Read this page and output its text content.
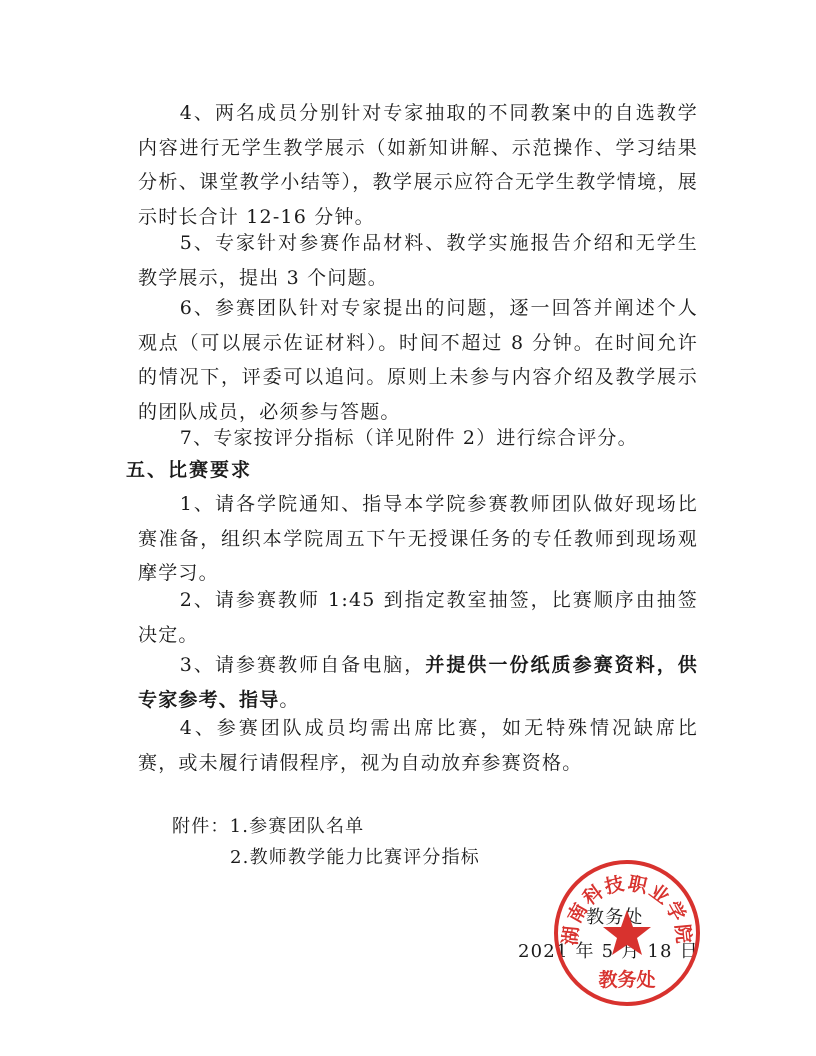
4、两名成员分别针对专家抽取的不同教案中的自选教学内容进行无学生教学展示（如新知讲解、示范操作、学习结果分析、课堂教学小结等），教学展示应符合无学生教学情境，展示时长合计 12-16 分钟。

5、专家针对参赛作品材料、教学实施报告介绍和无学生教学展示，提出 3 个问题。

6、参赛团队针对专家提出的问题，逐一回答并阐述个人观点（可以展示佐证材料）。时间不超过 8 分钟。在时间允许的情况下，评委可以追问。原则上未参与内容介绍及教学展示的团队成员，必须参与答题。

7、专家按评分指标（详见附件 2）进行综合评分。

五、比赛要求

1、请各学院通知、指导本学院参赛教师团队做好现场比赛准备，组织本学院周五下午无授课任务的专任教师到现场观摩学习。

2、请参赛教师 1:45 到指定教室抽签，比赛顺序由抽签决定。

3、请参赛教师自备电脑，并提供一份纸质参赛资料，供专家参考、指导。

4、参赛团队成员均需出席比赛，如无特殊情况缺席比赛，或未履行请假程序，视为自动放弃参赛资格。

附件：1.参赛团队名单

2.教师教学能力比赛评分指标

教务处

2021 年 5 月 18 日

湖南科技职业学院
教务处
